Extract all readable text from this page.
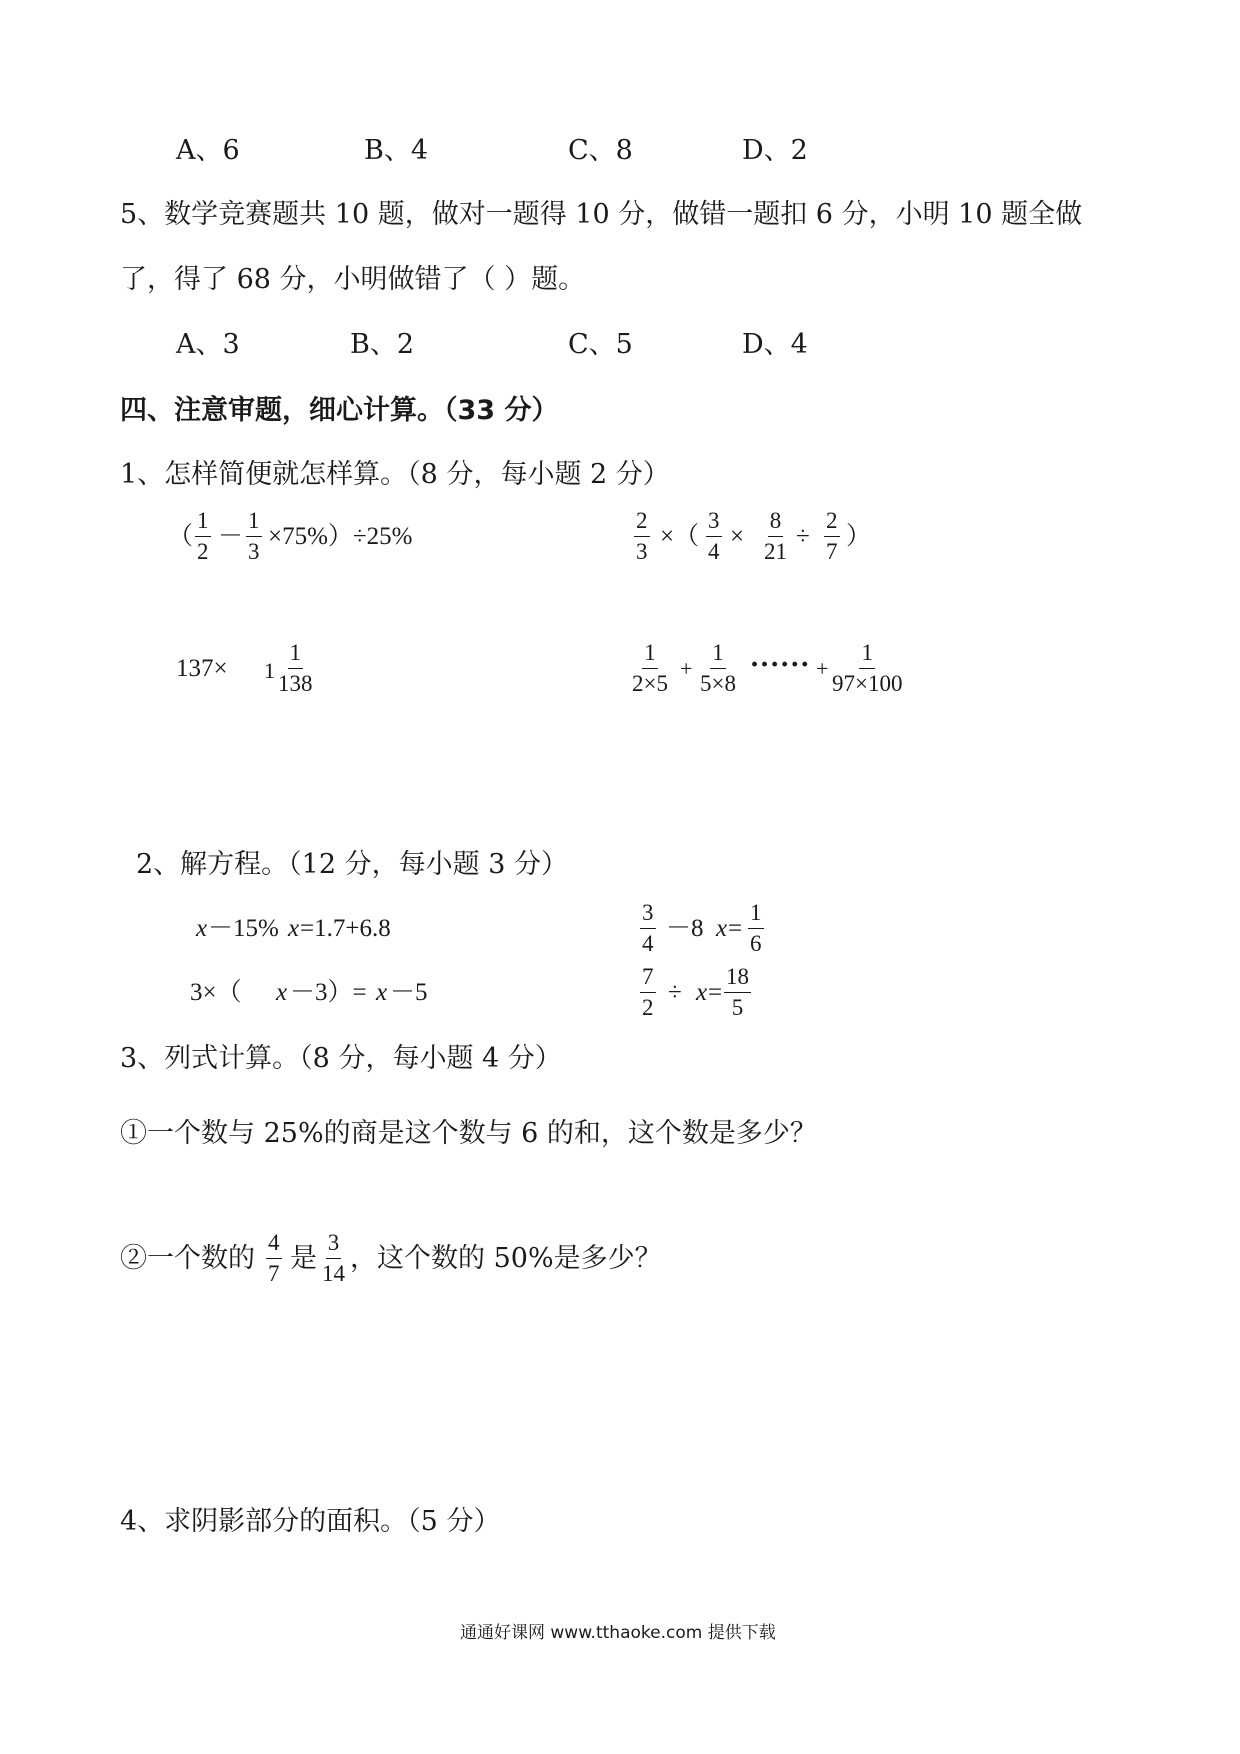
A、6	B、4	C、8	D、2
5、数学竞赛题共 10 题，做对一题得 10 分，做错一题扣 6 分，小明 10 题全做
了，得了 68 分，小明做错了（ ）题。
A、3	B、2	C、5	D、4
四、注意审题，细心计算。（33 分）
1、怎样简便就怎样算。（8 分，每小题 2 分）
（ $\frac{1}{2} - \frac{1}{3} \times 75\%)\div 25\%$	$\frac{2}{3}$ ×（ $\frac{3}{4} \times \frac{8}{21} \div \frac{2}{7}$ ）
$137\times 1 \frac{1}{138}$	$\frac{1}{2\times 5} + \frac{1}{5\times 8}$ ······ + $\frac{1}{97\times 100}$
2、解方程。（12 分，每小题 3 分）
x －15% x =1.7+6.8	$\frac{3}{4} -8$ $x = \frac{1}{6}$
3×（ x －3）= x －5	$\frac{7}{2} \div x = \frac{18}{5}$
3、列式计算。（8 分，每小题 4 分）
①一个数与 25%的商是这个数与 6 的和，这个数是多少？
②一个数的 $\frac{4}{7}$ 是 $\frac{3}{14}$ ，这个数的 50%是多少？
4、求阴影部分的面积。（5 分）
通通好课网 www.tthaoke.com 提供下载
